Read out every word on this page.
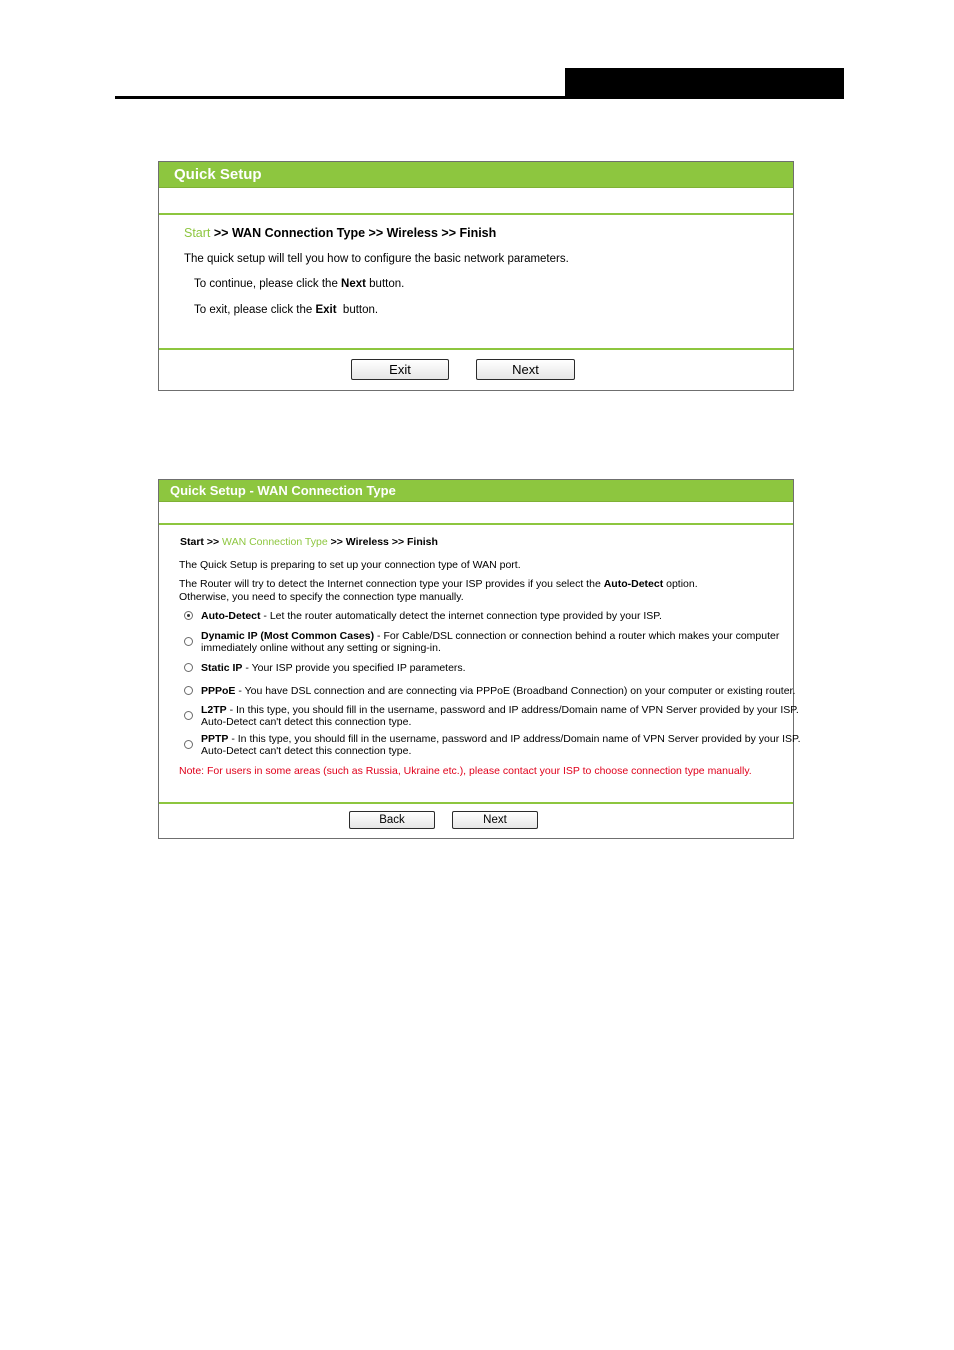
Quick Setup
Start >> WAN Connection Type >> Wireless >> Finish
The quick setup will tell you how to configure the basic network parameters.
To continue, please click the Next button.
To exit, please click the Exit  button.
Exit	Next
Quick Setup - WAN Connection Type
Start >> WAN Connection Type >> Wireless >> Finish
The Quick Setup is preparing to set up your connection type of WAN port.
The Router will try to detect the Internet connection type your ISP provides if you select the Auto-Detect option.
Otherwise, you need to specify the connection type manually.
Auto-Detect - Let the router automatically detect the internet connection type provided by your ISP.
Dynamic IP (Most Common Cases) - For Cable/DSL connection or connection behind a router which makes your computer
immediately online without any setting or signing-in.
Static IP - Your ISP provide you specified IP parameters.
PPPoE - You have DSL connection and are connecting via PPPoE (Broadband Connection) on your computer or existing router.
L2TP - In this type, you should fill in the username, password and IP address/Domain name of VPN Server provided by your ISP.
Auto-Detect can't detect this connection type.
PPTP - In this type, you should fill in the username, password and IP address/Domain name of VPN Server provided by your ISP.
Auto-Detect can't detect this connection type.
Note: For users in some areas (such as Russia, Ukraine etc.), please contact your ISP to choose connection type manually.
Back	Next
